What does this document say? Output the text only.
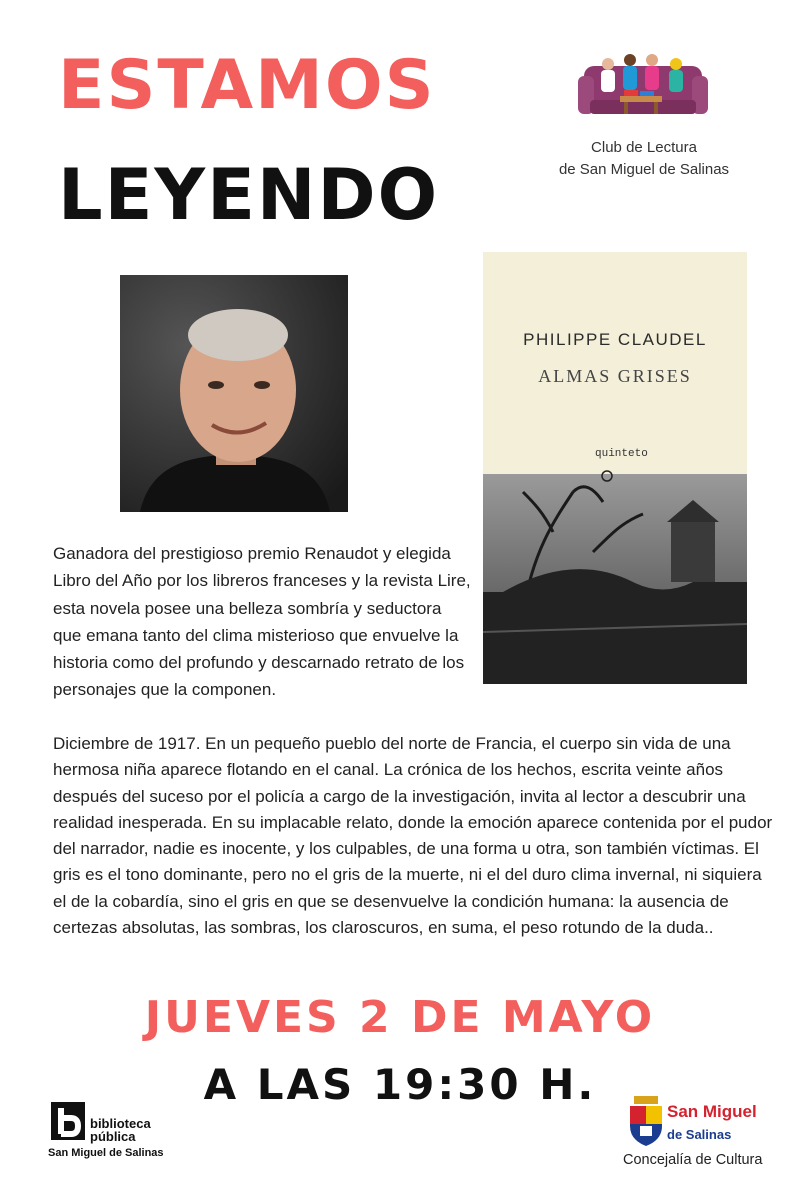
ESTAMOS
LEYENDO
Club de Lectura
de San Miguel de Salinas
PHILIPPE CLAUDEL
ALMAS GRISES
quinteto
Ganadora del prestigioso premio Renaudot y elegida Libro del Año por los libreros franceses y la revista Lire, esta novela posee una belleza sombría y seductora que emana tanto del clima misterioso que envuelve la historia como del profundo y descarnado retrato de los personajes que la componen.
Diciembre de 1917. En un pequeño pueblo del norte de Francia, el cuerpo sin vida de una hermosa niña aparece flotando en el canal. La crónica de los hechos, escrita veinte años después del suceso por el policía a cargo de la investigación, invita al lector a descubrir una realidad inesperada. En su implacable relato, donde la emoción aparece contenida por el pudor del narrador, nadie es inocente, y los culpables, de una forma u otra, son también víctimas. El gris es el tono dominante, pero no el gris de la muerte, ni el del duro clima invernal, ni siquiera el de la cobardía, sino el gris en que se desenvuelve la condición humana: la ausencia de certezas absolutas, las sombras, los claroscuros, en suma, el peso rotundo de la duda..
JUEVES 2 DE MAYO
A LAS 19:30 H.
biblioteca
pública
San Miguel de Salinas
San Miguel
de Salinas
Concejalía de Cultura
